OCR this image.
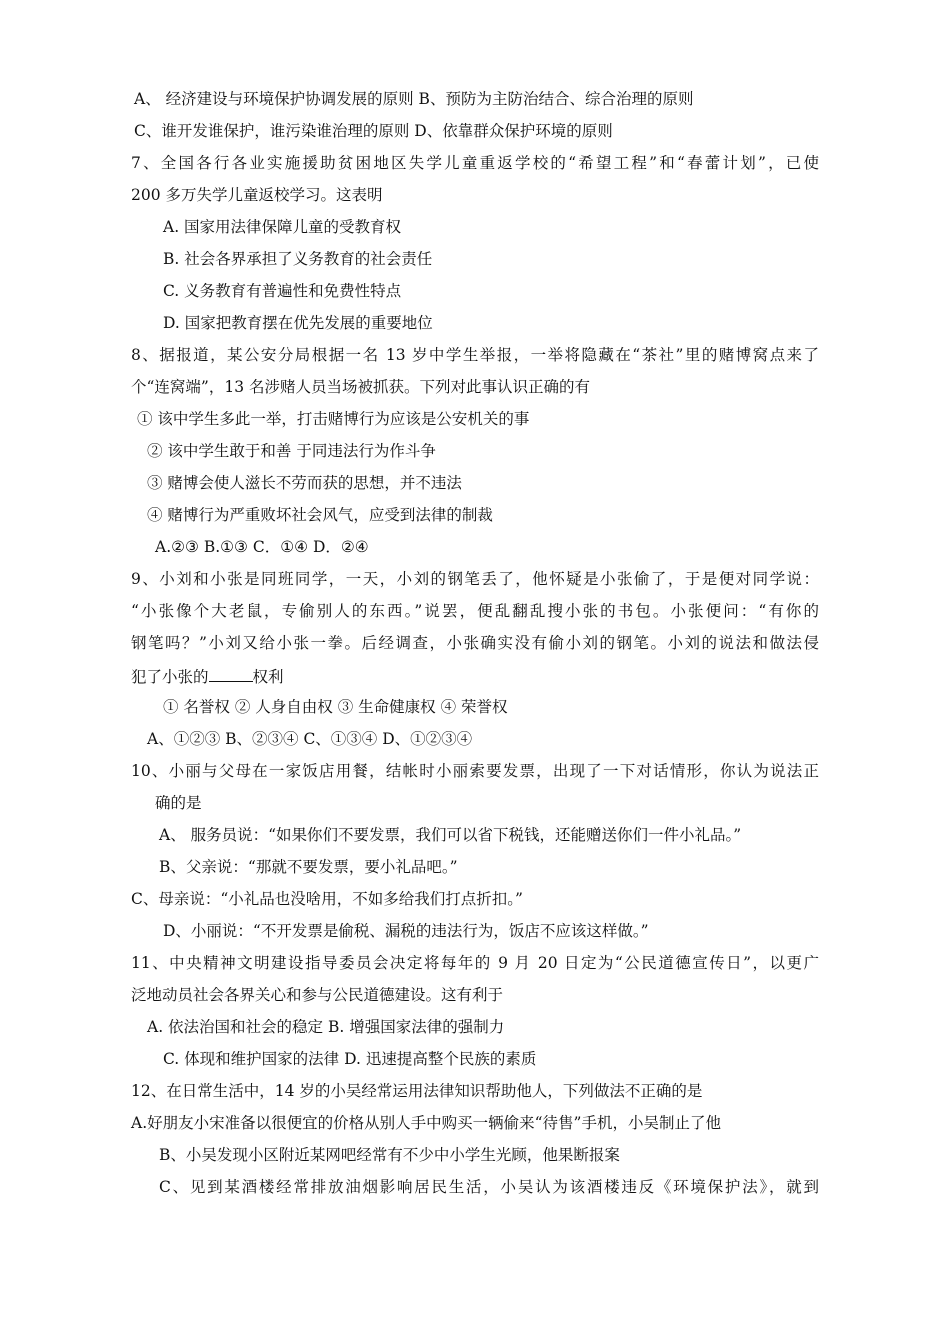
A、 经济建设与环境保护协调发展的原则 B、预防为主防治结合、综合治理的原则
C、谁开发谁保护，谁污染谁治理的原则 D、依靠群众保护环境的原则
7、全国各行各业实施援助贫困地区失学儿童重返学校的“希望工程”和“春蕾计划”，已使
200 多万失学儿童返校学习。这表明
A. 国家用法律保障儿童的受教育权
B. 社会各界承担了义务教育的社会责任
C. 义务教育有普遍性和免费性特点
D. 国家把教育摆在优先发展的重要地位
8、据报道，某公安分局根据一名 13 岁中学生举报，一举将隐藏在“茶社”里的赌博窝点来了
个“连窝端”，13 名涉赌人员当场被抓获。下列对此事认识正确的有
① 该中学生多此一举，打击赌博行为应该是公安机关的事
② 该中学生敢于和善 于同违法行为作斗争
③ 赌博会使人滋长不劳而获的思想，并不违法
④ 赌博行为严重败坏社会风气，应受到法律的制裁
A.②③ B.①③ C．①④ D．②④
9、小刘和小张是同班同学，一天，小刘的钢笔丢了，他怀疑是小张偷了，于是便对同学说：
“小张像个大老鼠，专偷别人的东西。”说罢，便乱翻乱搜小张的书包。小张便问：“有你的
钢笔吗？”小刘又给小张一拳。后经调查，小张确实没有偷小刘的钢笔。小刘的说法和做法侵
犯了小张的	权利
① 名誉权 ② 人身自由权 ③ 生命健康权 ④ 荣誉权
A、①②③ B、②③④ C、①③④ D、①②③④
10、小丽与父母在一家饭店用餐，结帐时小丽索要发票，出现了一下对话情形，你认为说法正
确的是
A、 服务员说：“如果你们不要发票，我们可以省下税钱，还能赠送你们一件小礼品。”
B、父亲说：“那就不要发票，要小礼品吧。”
C、母亲说：“小礼品也没啥用，不如多给我们打点折扣。”
D、小丽说：“不开发票是偷税、漏税的违法行为，饭店不应该这样做。”
11、中央精神文明建设指导委员会决定将每年的 9 月 20 日定为“公民道德宣传日”，以更广
泛地动员社会各界关心和参与公民道德建设。这有利于
A. 依法治国和社会的稳定 B. 增强国家法律的强制力
C. 体现和维护国家的法律 D. 迅速提高整个民族的素质
12、在日常生活中，14 岁的小吴经常运用法律知识帮助他人，下列做法不正确的是
A.好朋友小宋准备以很便宜的价格从别人手中购买一辆偷来“待售”手机，小吴制止了他
B、小吴发现小区附近某网吧经常有不少中小学生光顾，他果断报案
C、见到某酒楼经常排放油烟影响居民生活，小吴认为该酒楼违反《环境保护法》，就到
